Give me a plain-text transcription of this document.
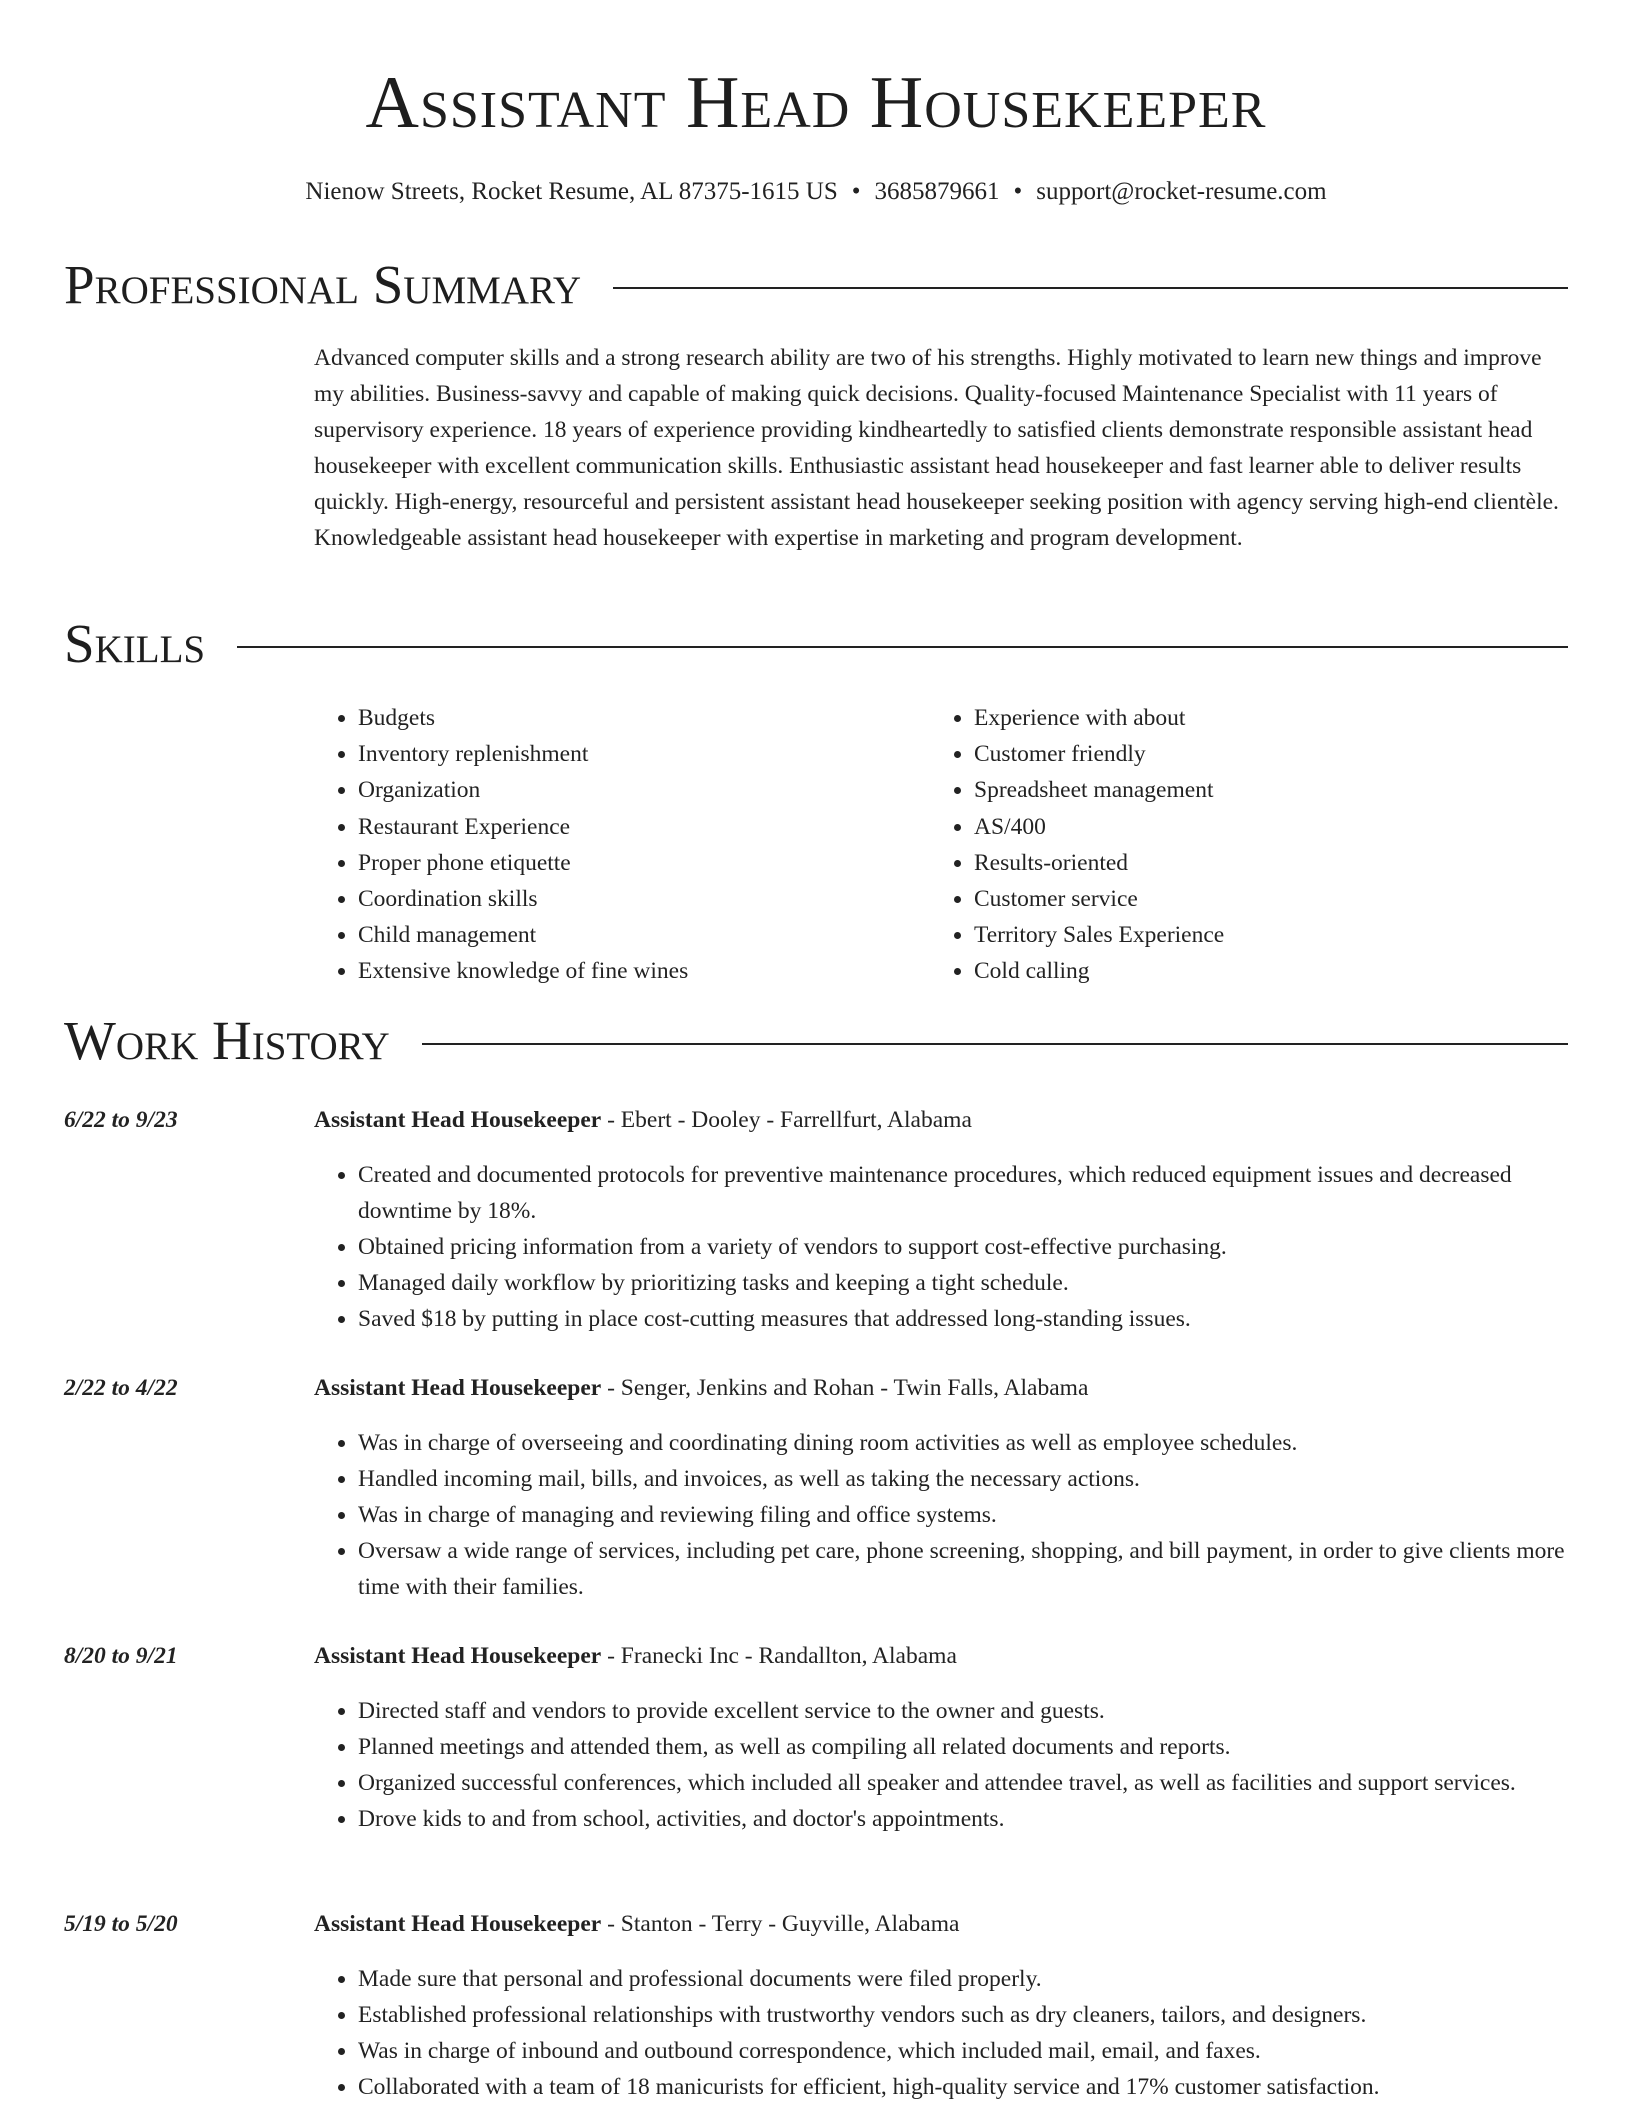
Assistant Head Housekeeper
Nienow Streets, Rocket Resume, AL 87375-1615 US • 3685879661 • support@rocket-resume.com
Professional Summary

Advanced computer skills and a strong research ability are two of his strengths. Highly motivated to learn new things and improve my abilities. Business-savvy and capable of making quick decisions. Quality-focused Maintenance Specialist with 11 years of supervisory experience. 18 years of experience providing kindheartedly to satisfied clients demonstrate responsible assistant head housekeeper with excellent communication skills. Enthusiastic assistant head housekeeper and fast learner able to deliver results quickly. High-energy, resourceful and persistent assistant head housekeeper seeking position with agency serving high-end clientèle. Knowledgeable assistant head housekeeper with expertise in marketing and program development.

Skills
• Budgets
• Inventory replenishment
• Organization
• Restaurant Experience
• Proper phone etiquette
• Coordination skills
• Child management
• Extensive knowledge of fine wines
• Experience with about
• Customer friendly
• Spreadsheet management
• AS/400
• Results-oriented
• Customer service
• Territory Sales Experience
• Cold calling
Work History
6/22 to 9/23	Assistant Head Housekeeper - Ebert - Dooley - Farrellfurt, Alabama
• Created and documented protocols for preventive maintenance procedures, which reduced equipment issues and decreased downtime by 18%.
• Obtained pricing information from a variety of vendors to support cost-effective purchasing.
• Managed daily workflow by prioritizing tasks and keeping a tight schedule.
• Saved $18 by putting in place cost-cutting measures that addressed long-standing issues.
2/22 to 4/22	Assistant Head Housekeeper - Senger, Jenkins and Rohan - Twin Falls, Alabama
• Was in charge of overseeing and coordinating dining room activities as well as employee schedules.
• Handled incoming mail, bills, and invoices, as well as taking the necessary actions.
• Was in charge of managing and reviewing filing and office systems.
• Oversaw a wide range of services, including pet care, phone screening, shopping, and bill payment, in order to give clients more time with their families.
8/20 to 9/21	Assistant Head Housekeeper - Franecki Inc - Randallton, Alabama
• Directed staff and vendors to provide excellent service to the owner and guests.
• Planned meetings and attended them, as well as compiling all related documents and reports.
• Organized successful conferences, which included all speaker and attendee travel, as well as facilities and support services.
• Drove kids to and from school, activities, and doctor's appointments.
5/19 to 5/20	Assistant Head Housekeeper - Stanton - Terry - Guyville, Alabama
• Made sure that personal and professional documents were filed properly.
• Established professional relationships with trustworthy vendors such as dry cleaners, tailors, and designers.
• Was in charge of inbound and outbound correspondence, which included mail, email, and faxes.
• Collaborated with a team of 18 manicurists for efficient, high-quality service and 17% customer satisfaction.
